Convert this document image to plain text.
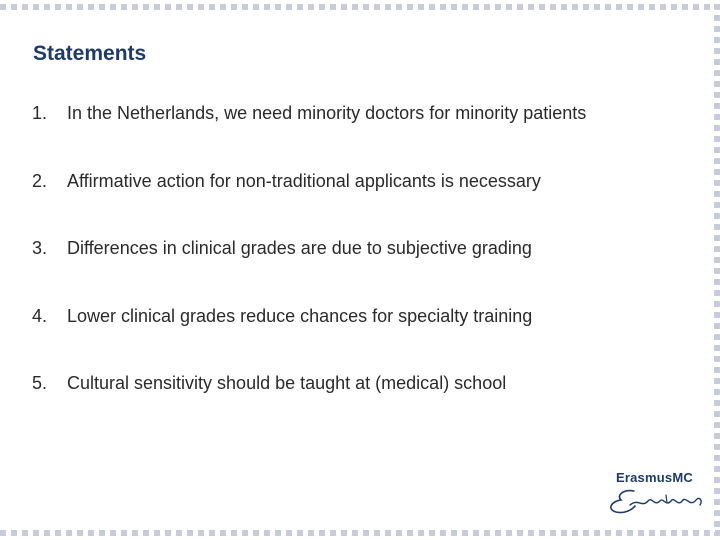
Statements
1. In the Netherlands, we need minority doctors for minority patients
2. Affirmative action for non-traditional applicants is necessary
3. Differences in clinical grades are due to subjective grading
4. Lower clinical grades reduce chances for specialty training
5. Cultural sensitivity should be taught at (medical) school
ErasmusMC
